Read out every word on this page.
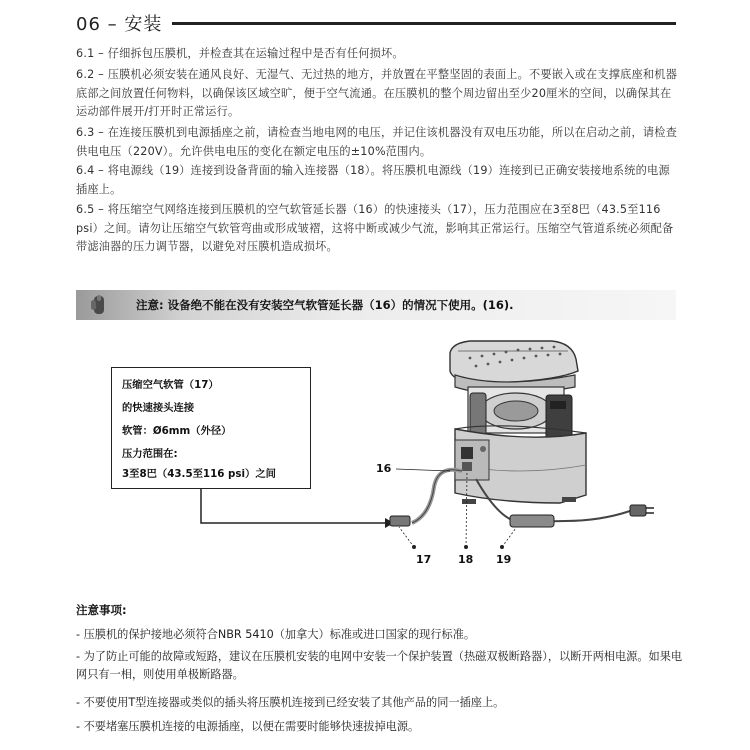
06 – 安装
6.1 – 仔细拆包压膜机，并检查其在运输过程中是否有任何损坏。
6.2 – 压膜机必须安装在通风良好、无湿气、无过热的地方，并放置在平整坚固的表面上。不要嵌入或在支撑底座和机器底部之间放置任何物料，以确保该区域空旷，便于空气流通。在压膜机的整个周边留出至少20厘米的空间，以确保其在运动部件展开/打开时正常运行。
6.3 – 在连接压膜机到电源插座之前，请检查当地电网的电压，并记住该机器没有双电压功能，所以在启动之前，请检查供电电压（220V）。允许供电电压的变化在额定电压的±10%范围内。
6.4 – 将电源线（19）连接到设备背面的输入连接器（18）。将压膜机电源线（19）连接到已正确安装接地系统的电源插座上。
6.5 – 将压缩空气网络连接到压膜机的空气软管延长器（16）的快速接头（17），压力范围应在3至8巴（43.5至116 psi）之间。请勿让压缩空气软管弯曲或形成皱褶，这将中断或减少气流，影响其正常运行。压缩空气管道系统必须配备带滤油器的压力调节器，以避免对压膜机造成损坏。
注意: 设备绝不能在没有安装空气软管延长器（16）的情况下使用。(16).
压缩空气软管（17）
的快速接头连接
软管：Ø6mm（外径）
压力范围在:
3至8巴（43.5至116 psi）之间	16
17 18 19
注意事项:
- 压膜机的保护接地必须符合NBR 5410（加拿大）标准或进口国家的现行标准。
- 为了防止可能的故障或短路，建议在压膜机安装的电网中安装一个保护装置（热磁双极断路器），以断开两相电源。如果电网只有一相，则使用单极断路器。
- 不要使用T型连接器或类似的插头将压膜机连接到已经安装了其他产品的同一插座上。
- 不要堵塞压膜机连接的电源插座，以便在需要时能够快速拔掉电源。
